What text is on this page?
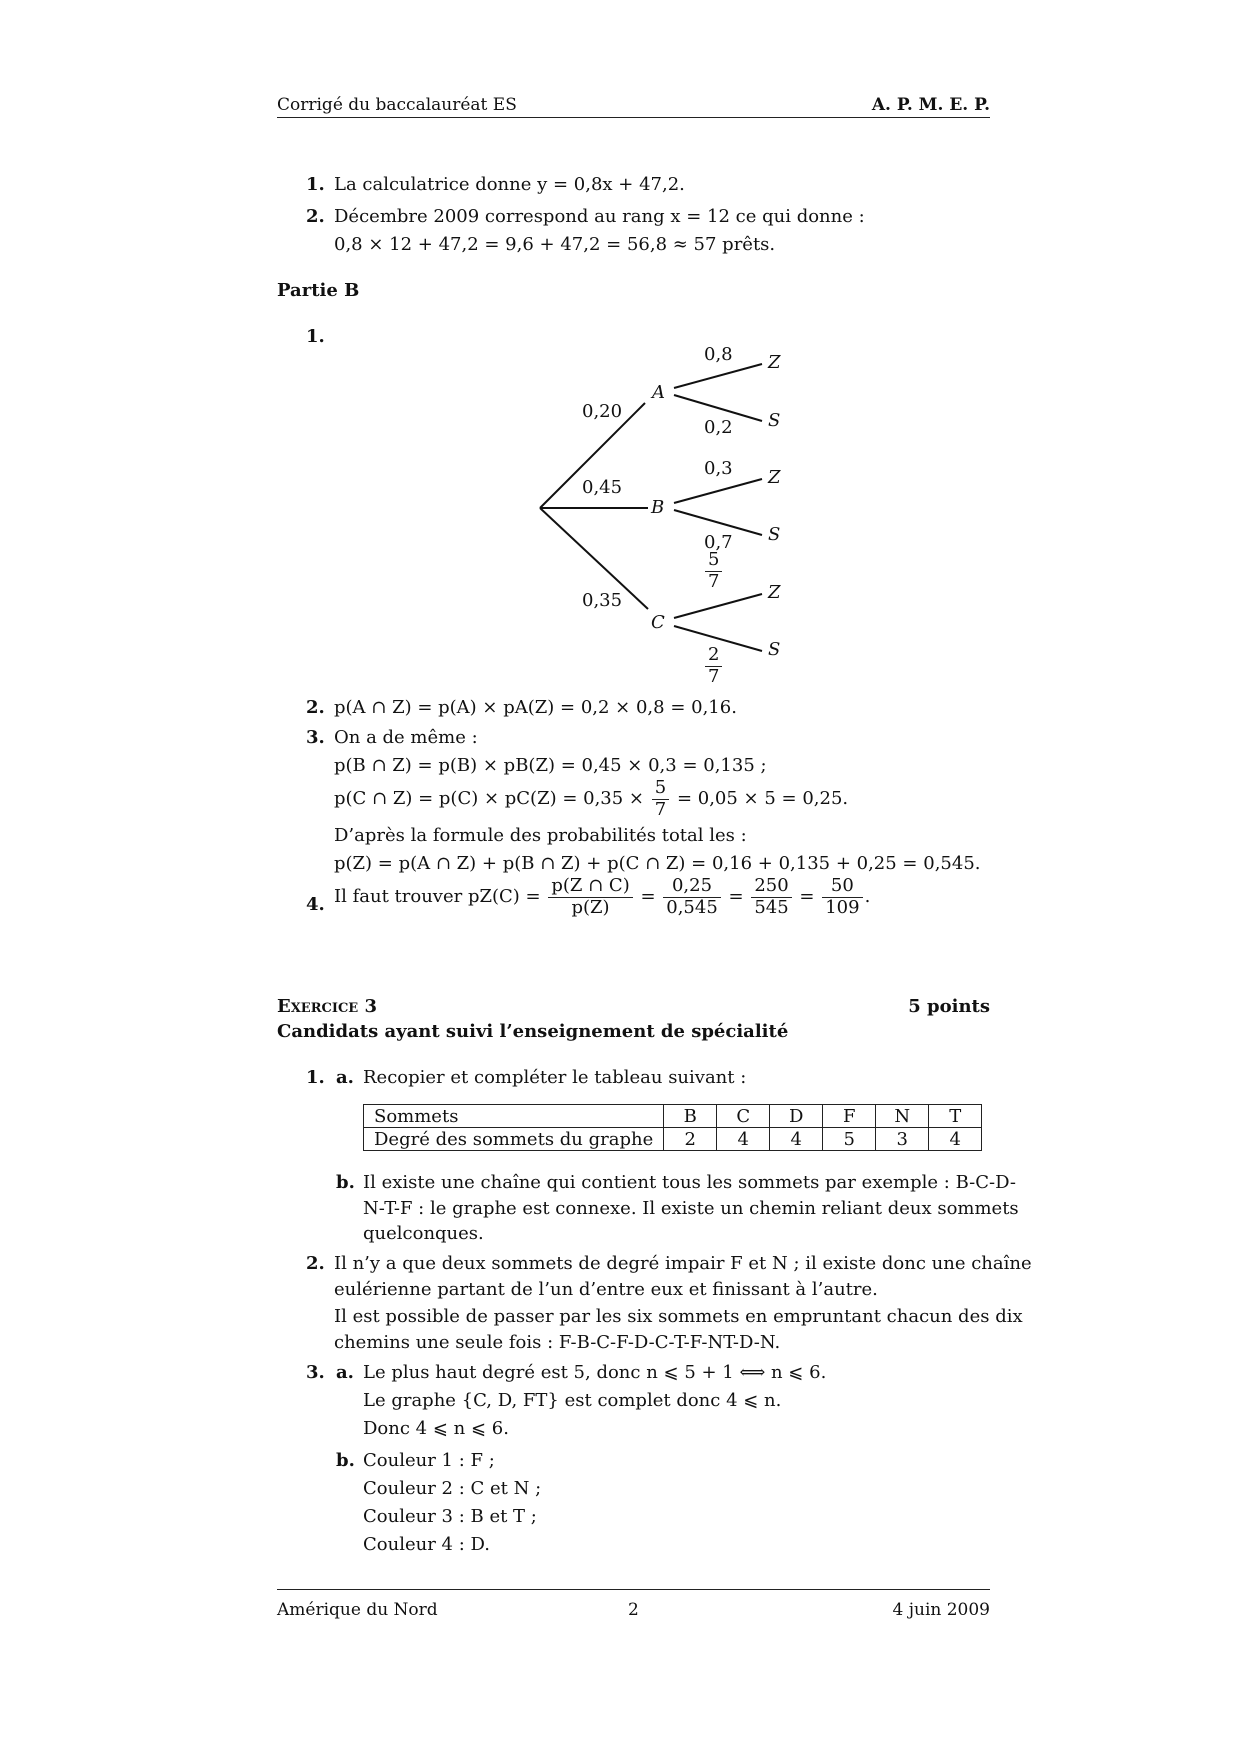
Corrigé du baccalauréat ES	A. P. M. E. P.
1. La calculatrice donne y = 0,8x + 47,2.
2. Décembre 2009 correspond au rang x = 12 ce qui donne :
0,8 × 12 + 47,2 = 9,6 + 47,2 = 56,8 ≈ 57 prêts.
Partie B
1.
0,20
0,45
0,35
A
B
C
Z
S
Z
S
Z
S
0,8
0,2
0,3
0,7
$\frac{5}{7}$
$\frac{2}{7}$
2. p(A ∩ Z) = p(A) × pA(Z) = 0,2 × 0,8 = 0,16.
3. On a de même :
p(B ∩ Z) = p(B) × pB(Z) = 0,45 × 0,3 = 0,135 ;
p(C ∩ $Z) = p(C) \times pC(Z) = 0,35 \times \frac{5}{7} = 0,05 \times 5 = 0,25$.
D’après la formule des probabilités total les :
p(Z) = p(A ∩ Z) + p(B ∩ Z) + p(C ∩ Z) = 0,16 + 0,135 + 0,25 = 0,545.
4. Il faut trouver $pZ(C) = \frac{p(Z \cap C)}{p(Z)} = \frac{0,25}{0,545} = \frac{250}{545} = \frac{50}{109}$ .
Exercice 3	5 points
Candidats ayant suivi l’enseignement de spécialité
1. a. Recopier et compléter le tableau suivant :
Sommets	B	C	D	F	N	T
Degré des sommets du graphe	2	4	4	5	3	4
b. Il existe une chaîne qui contient tous les sommets par exemple : B-C-D-
N-T-F : le graphe est connexe. Il existe un chemin reliant deux sommets
quelconques.
2. Il n’y a que deux sommets de degré impair F et N ; il existe donc une chaîne
eulérienne partant de l’un d’entre eux et finissant à l’autre.
Il est possible de passer par les six sommets en empruntant chacun des dix
chemins une seule fois : F-B-C-F-D-C-T-F-NT-D-N.
3. a. Le plus haut degré est 5, donc n ⩽ 5 + 1 ⟺ n ⩽ 6.
Le graphe {C, D, FT} est complet donc 4 ⩽ n.
Donc 4 ⩽ n ⩽ 6.
b. Couleur 1 : F ;
Couleur 2 : C et N ;
Couleur 3 : B et T ;
Couleur 4 : D.
Amérique du Nord	2	4 juin 2009
